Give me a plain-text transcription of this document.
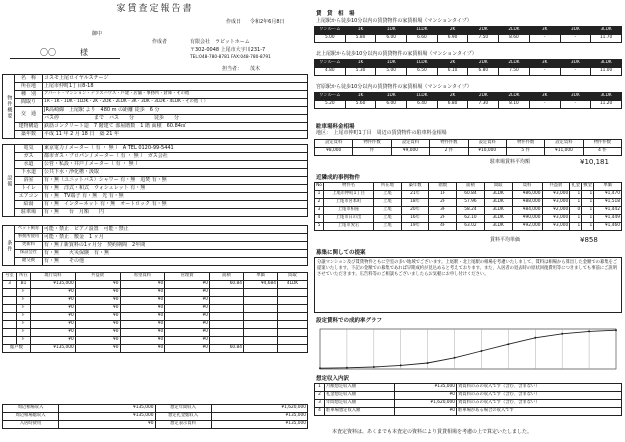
家賃査定報告書
作成日 令和2年6月8日
御中
〇〇　　　様
作成者	有限会社　ラビットホーム
〒302-0048 上尾市大字川231-7
TEL:048-780-8781 FAX:048-780-8791
担当者： 茂木
物件概要	名　称	コスモ上尾ロイヤルステージ
	所在地	上尾市仲町1丁目8-18
	種　別	アパート・マンション・テラスハウス・戸建・店舗・事務所・倉庫・その他
	間取り	1R・1K・1DK・1LDK・2K・2DK・2LDK・3K・3DK・3LDK・4LDK・その他（ ）
	交　通	JR高崎線　上尾駅 より　480 m の距離 徒歩　6 分
		バス停　　　　　　　まで　バス　　分　　　　徒歩　　分
	建物構造	鉄筋コンクリート造　7 階建て 部屋階数　1 階 面積　60.84㎡
	築年数	平成 11 年 2 月 18 日　築 21 年
設備	電気	東京電力 / メーター（ 有 ・ 無 ）　A TEL 0120-99-5441
	ガス	都市ガス・プロパン / メーター（ 有 ・ 無 ）　ガス会社
	水道	公営・私設・井戸 / メーター（ 有 ・ 無 ）
	下水道	公共下水・浄化槽・汲取
	浴室	有・無（ユニットバス）シャワー 有・無　追焚 有・無
	トイレ	有・無　洋式・和式　ウォシュレット 有・無
	エアコン	有・無　TV端子 有・無　光 有・無
	給湯	有・無　インターネット 有・無　オートロック 有・無
	駐車場	有・無　　台　月額　　円
条件	ペット飼育	可能・禁止　ピアノ設置　可能・禁止
	事務所使用	可能・禁止　敷金　1 ヶ月
	更新料	有・無 / 新賃料の1ヶ月分　契約期間　2年間
	保証会社	有・無　　火災保険　有・無
	鍵交換	有・無　　その他
号室	所在	現行賃料	共益費	希望賃料	管理費	面積	単価	間取
3	B1	¥135,000	¥0	¥0	¥0	60.84	¥4,684	4LDK
	F	¥0	¥0	¥0	¥0			
	F	¥0	¥0	¥0	¥0			
	F	¥0	¥0	¥0	¥0			
	F	¥0	¥0	¥0	¥0			
	F	¥0	¥0	¥0	¥0			
	F	¥0	¥0	¥0	¥0			
	F	¥0	¥0	¥0	¥0			
総戸数		¥135,000	¥0	¥0	¥0	60.84		
周辺相場収入	¥135,000	想定年間収入	¥1,620,000
周辺相場総収入	¥135,000	想定礼金総収入	¥135,000
入居時費用	¥0	想定表示賃料	¥135,000
賃　貸　相　場
上尾駅から徒歩10分以内の賃貸物件の家賃相場（マンションタイプ）
ワンルーム	1K	1DK	1LDK	2K	2DK	2LDK	3K	3DK	3LDK
5.00	5.80	6.00	6.60	6.90	7.50	8.60	-	-	11.70
北上尾駅から徒歩10分以内の賃貸物件の家賃相場（マンションタイプ）
ワンルーム	1K	1DK	1LDK	2K	2DK	2LDK	3K	3DK	3LDK
4.80	5.30	5.00	6.50	6.10	6.80	7.50	-	-	11.00
宮原駅から徒歩10分以内の賃貸物件の家賃相場（マンションタイプ）
ワンルーム	1K	1DK	1LDK	2K	2DK	2LDK	3K	3DK	3LDK
5.20	5.60	6.00	6.40	6.80	7.30	8.10	-	-	11.20
駐車場料金相場
地区：　上尾市仲町1丁目　周辺の賃貸物件の駐車料金相場
設定賃料	物件件数	設定賃料	物件件数	設定賃料	物件件数	設定賃料	物件件数
¥8,000	件	¥9,000	2 件	¥10,000	5 件	¥11,000	4 件
駐車場賃料平均額	¥10,181
近隣成約事例物件
No	物件名	所在地	築年数	階数	面積	間取	賃料	共益費	礼金	敷金	単価
1	上尾市仲町1丁目	上尾	21年	1F	60.84	3LDK	¥86,000	¥3,000	1	1	¥1,470
2	上尾市宮本町	上尾	18年	2F	57.96	3LDK	¥88,000	¥3,000	1	1	¥1,518
3	上尾市柏座	上尾	20年	3F	58.24	3LDK	¥84,000	¥2,000	0	1	¥1,442
4	上尾市日の出	上尾	16年	2F	62.10	3LDK	¥90,000	¥3,000	1	1	¥1,449
5	上尾市愛宕	上尾	19年	4F	63.02	3LDK	¥92,000	¥3,000	1	1	¥1,460
賃料平均単価	¥858
募集に関しての提案
分譲マンション及び賃貸物件ともに空室の多い地域でございます。上尾駅・北上尾駅の相場を考慮いたしまして、賃料は相場から算出した金額での募集をご提案いたします。下記の金額での募集であれば早期成約が見込めると考えております。また、入居者の退去時の原状回復費用等につきましても事前にご説明させていただきます。広告料等のご相談もございましたらお気軽にお申し付けください。
設定賃料での成約率グラフ
想定収入内訳
1	月額想定収入額	¥135,000	貸賃料のみの収入です（含む、含まない）
2	礼金想定収入額	¥0	貸賃料のみの収入です（含む、含まない）
3	年間想定収入額	¥1,620,000	貸賃料のみの収入です（含む、含まない）
4	駐車場想定収入額	¥0	駐車場がある場合の収入です
本査定資料は、あくまでも本査定の資料により賃貸相場を考慮の上で算定いたしました。
